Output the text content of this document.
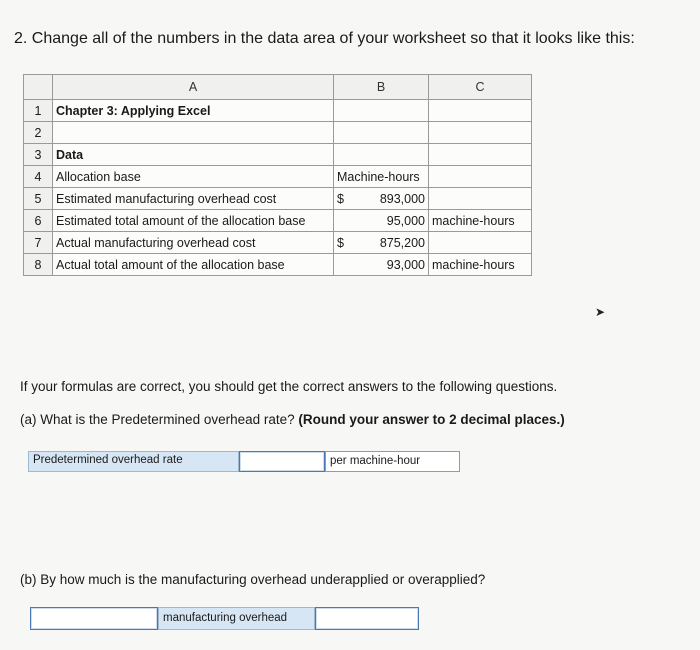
2. Change all of the numbers in the data area of your worksheet so that it looks like this:
	A	B	C
1	Chapter 3: Applying Excel		
2			
3	Data		
4	Allocation base	Machine-hours	
5	Estimated manufacturing overhead cost	$ 893,000	

6	Estimated total amount of the allocation base	95,000	machine-hours
7	Actual manufacturing overhead cost	$ 875,200	

8	Actual total amount of the allocation base	93,000	machine-hours
➤
If your formulas are correct, you should get the correct answers to the following questions.
(a) What is the Predetermined overhead rate? (Round your answer to 2 decimal places.)
Predetermined overhead rate	per machine-hour
(b) By how much is the manufacturing overhead underapplied or overapplied?
manufacturing overhead
